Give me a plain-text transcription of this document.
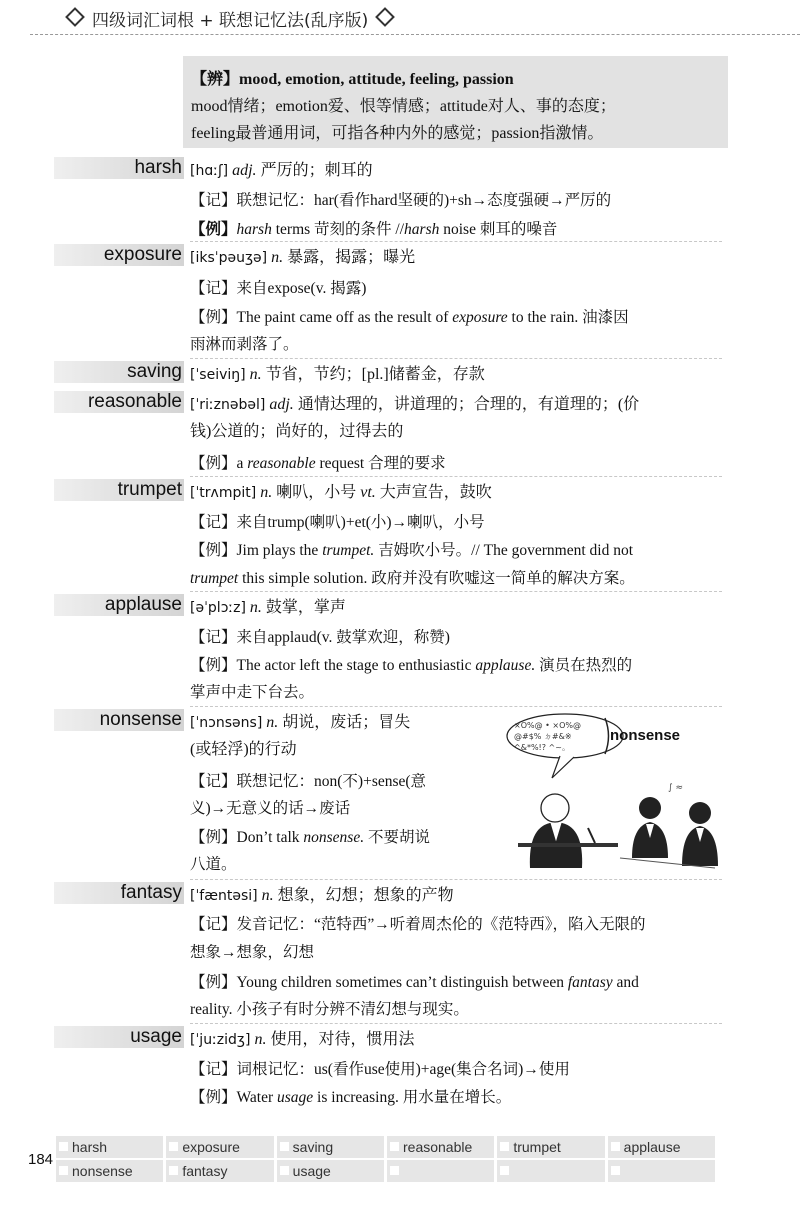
四级词汇词根 + 联想记忆法(乱序版)
【辨】mood, emotion, attitude, feeling, passion
mood情绪；emotion爱、恨等情感；attitude对人、事的态度；
feeling最普通用词，可指各种内外的感觉；passion指激情。
harsh [hɑːʃ] adj. 严厉的；刺耳的
【记】联想记忆：har(看作hard坚硬的)+sh→态度强硬→严厉的
【例】harsh terms 苛刻的条件 //harsh noise 刺耳的噪音
exposure [iksˈpəuʒə] n. 暴露，揭露；曝光
【记】来自expose(v. 揭露)
【例】The paint came off as the result of exposure to the rain. 油漆因
雨淋而剥落了。
saving [ˈseiviŋ] n. 节省，节约；[pl.]储蓄金，存款
reasonable [ˈriːznəbəl] adj. 通情达理的，讲道理的；合理的，有道理的；(价
钱)公道的；尚好的，过得去的
【例】a reasonable request 合理的要求
trumpet [ˈtrʌmpit] n. 喇叭，小号 vt. 大声宣告，鼓吹
【记】来自trump(喇叭)+et(小)→喇叭，小号
【例】Jim plays the trumpet. 吉姆吹小号。// The government did not
trumpet this simple solution. 政府并没有吹嘘这一简单的解决方案。
applause [əˈplɔːz] n. 鼓掌，掌声
【记】来自applaud(v. 鼓掌欢迎，称赞)
【例】The actor left the stage to enthusiastic applause. 演员在热烈的
掌声中走下台去。
nonsense [ˈnɔnsəns] n. 胡说，废话；冒失
(或轻浮)的行动
【记】联想记忆：non(不)+sense(意
义)→无意义的话→废话
【例】Don’t talk nonsense. 不要胡说
八道。
×O%@ • ×O%@
@#$% ㄉ#&※
^&*%!? ^~。
nonsense
∫ ≈
fantasy [ˈfæntəsi] n. 想象，幻想；想象的产物
【记】发音记忆：“范特西”→听着周杰伦的《范特西》，陷入无限的
想象→想象，幻想
【例】Young children sometimes can’t distinguish between fantasy and
reality. 小孩子有时分辨不清幻想与现实。
usage [ˈjuːzidʒ] n. 使用，对待，惯用法
【记】词根记忆：us(看作use使用)+age(集合名词)→使用
【例】Water usage is increasing. 用水量在增长。
184
harsh	exposure	saving	reasonable	trumpet	applause
nonsense	fantasy	usage
